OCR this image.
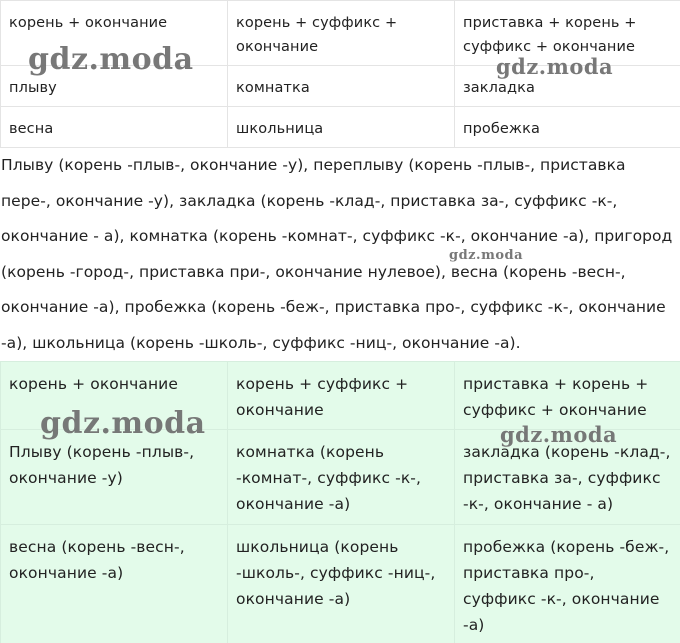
корень + окончание	корень + суффикс + окончание	приставка + корень + суффикс + окончание
плыву	комнатка	закладка
весна	школьница	пробежка

Плыву (корень -плыв-, окончание -у), переплыву (корень -плыв-, приставка пере-, окончание -у), закладка (корень -клад-, приставка за-, суффикс -к-, окончание - а), комнатка (корень -комнат-, суффикс -к-, окончание -а), пригород (корень -город-, приставка при-, окончание нулевое), весна (корень -весн-, окончание -а), пробежка (корень -беж-, приставка про-, суффикс -к-, окончание -а), школьница (корень -школь-, суффикс -ниц-, окончание -а).

корень + окончание	корень + суффикс + окончание	приставка + корень + суффикс + окончание
Плыву (корень -плыв-, окончание -у)	комнатка (корень -комнат-, суффикс -к-, окончание -а)	закладка (корень -клад-, приставка за-, суффикс -к-, окончание - а)
весна (корень -весн-, окончание -а)	школьница (корень -школь-, суффикс -ниц-, окончание -а)	пробежка (корень -беж-, приставка про-, суффикс -к-, окончание -а)
gdz.moda	gdz.moda
gdz.moda
gdz.moda	gdz.moda
